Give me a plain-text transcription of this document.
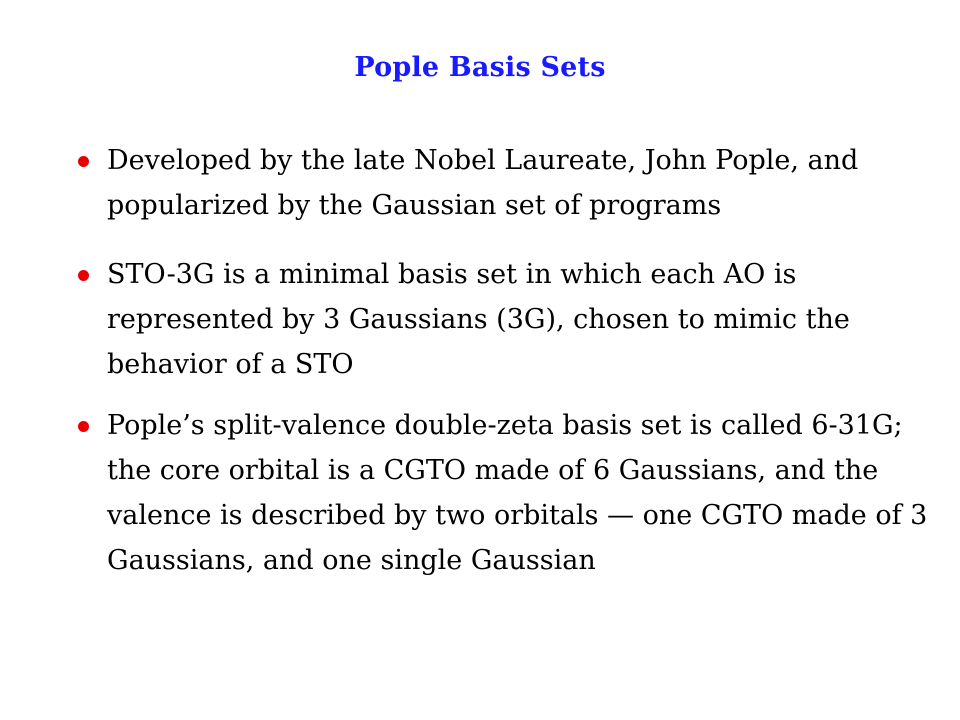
Pople Basis Sets
Developed by the late Nobel Laureate, John Pople, and popularized by the Gaussian set of programs
STO-3G is a minimal basis set in which each AO is represented by 3 Gaussians (3G), chosen to mimic the behavior of a STO
Pople’s split-valence double-zeta basis set is called 6-31G; the core orbital is a CGTO made of 6 Gaussians, and the valence is described by two orbitals — one CGTO made of 3 Gaussians, and one single Gaussian
